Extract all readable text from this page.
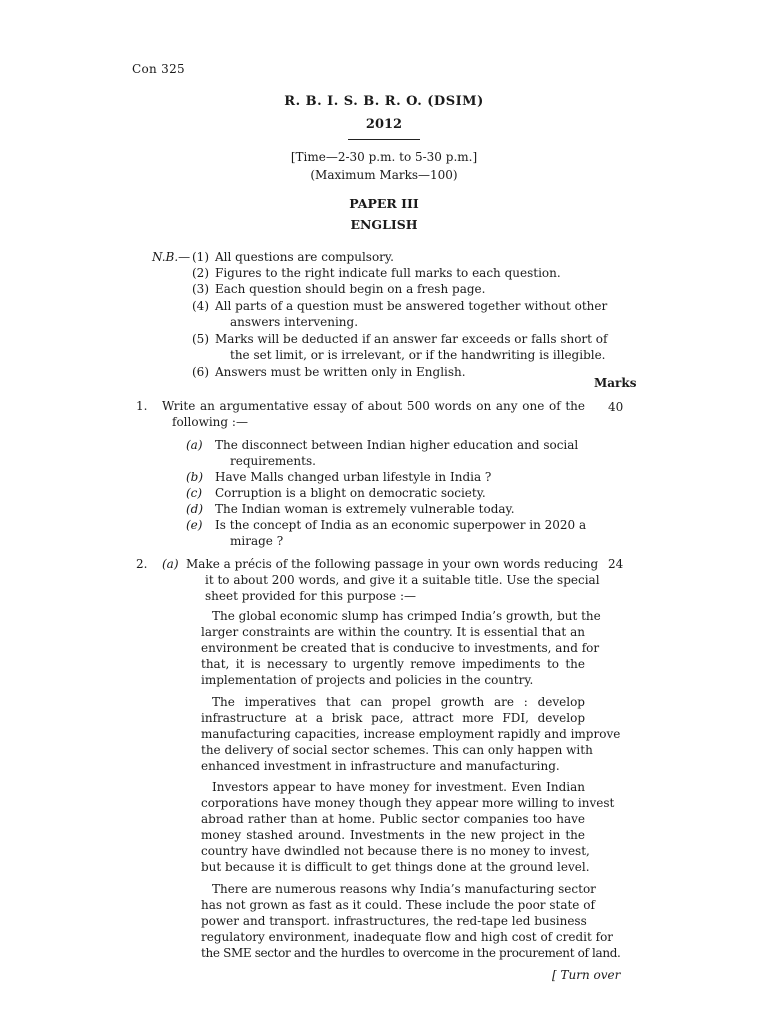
Con 325
R. B. I. S. B. R. O. (DSIM)
2012
[Time—2-30 p.m. to 5-30 p.m.]
(Maximum Marks—100)
PAPER III
ENGLISH
N.B.— (1) All questions are compulsory.
(2) Figures to the right indicate full marks to each question.
(3) Each question should begin on a fresh page.
(4) All parts of a question must be answered together without other
answers intervening.
(5) Marks will be deducted if an answer far exceeds or falls short of
the set limit, or is irrelevant, or if the handwriting is illegible.
(6) Answers must be written only in English.
Marks
1. Write an argumentative essay of about 500 words on any one of the
following :—
40
(a) The disconnect between Indian higher education and social
requirements.
(b) Have Malls changed urban lifestyle in India ?
(c) Corruption is a blight on democratic society.
(d) The Indian woman is extremely vulnerable today.
(e) Is the concept of India as an economic superpower in 2020 a
mirage ?
2. (a) Make a précis of the following passage in your own words reducing
it to about 200 words, and give it a suitable title. Use the special
sheet provided for this purpose :—
24
The global economic slump has crimped India’s growth, but the
larger constraints are within the country. It is essential that an
environment be created that is conducive to investments, and for
that, it is necessary to urgently remove impediments to the
implementation of projects and policies in the country.
The imperatives that can propel growth are : develop
infrastructure at a brisk pace, attract more FDI, develop
manufacturing capacities, increase employment rapidly and improve
the delivery of social sector schemes. This can only happen with
enhanced investment in infrastructure and manufacturing.
Investors appear to have money for investment. Even Indian
corporations have money though they appear more willing to invest
abroad rather than at home. Public sector companies too have
money stashed around. Investments in the new project in the
country have dwindled not because there is no money to invest,
but because it is difficult to get things done at the ground level.
There are numerous reasons why India’s manufacturing sector
has not grown as fast as it could. These include the poor state of
power and transport. infrastructures, the red-tape led business
regulatory environment, inadequate flow and high cost of credit for
the SME sector and the hurdles to overcome in the procurement of land.
[ Turn over
